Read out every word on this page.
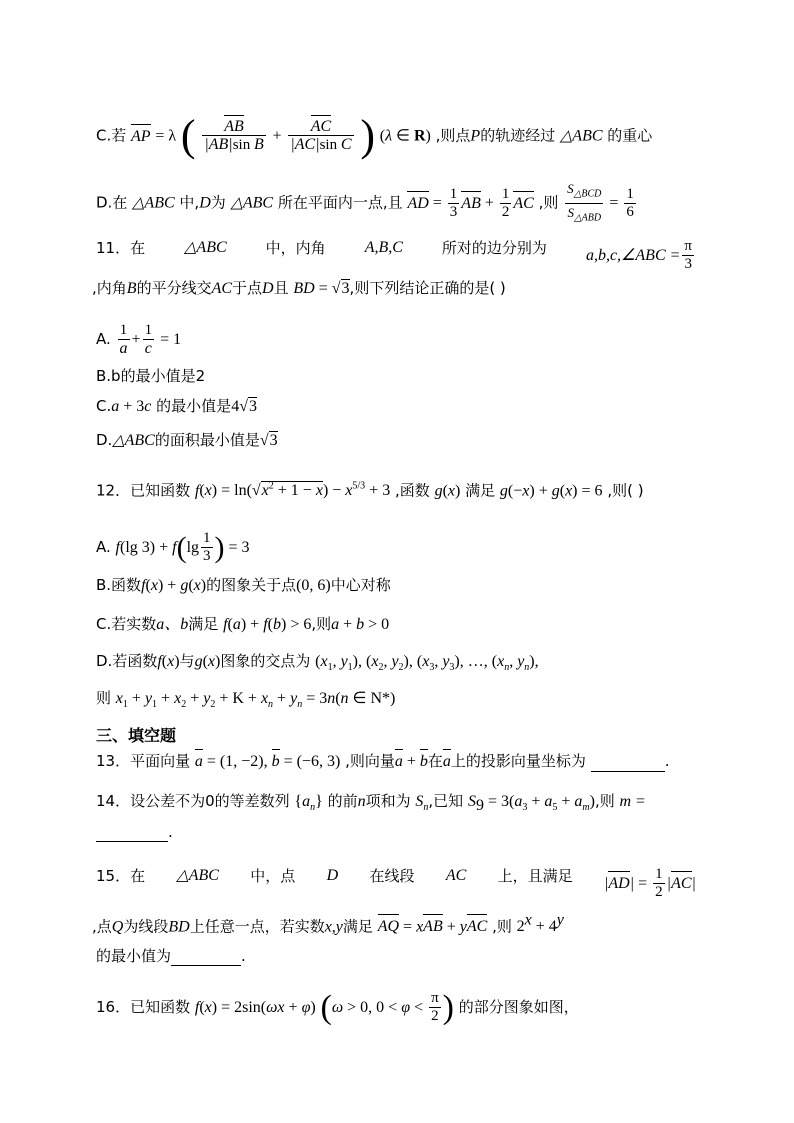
C.若 AP = λ ( $\frac{AB}{\text{|AB|sin B}} + \frac{AC}{\text{|AC|sin C}}$ ) (λ ∈ R) ,则点P的轨迹经过 △ABC 的重心
D.在 △ABC 中,D为 △ABC 所在平面内一点,且 AD = $\frac{1}{3}$ AB + $\frac{1}{2}$ AC ,则 $\frac{S_{\triangle BCD}}{S_{\triangle ABD}} = \frac{1}{6}$
11．在 △ABC	中，内角 A,B,C	所对的边分别为 a,b,c,∠ABC = $\frac{\pi}{3}$
,内角B的平分线交AC于点D且 BD = √3,则下列结论正确的是( )
A. $\frac{1}{a} + \frac{1}{c} = 1$
B.b的最小值是2
C.a + 3c 的最小值是4√3
D.△ABC的面积最小值是√3
12．已知函数 $f(x) = \ln(√x^2 + 1 - x) - x^{5/3} + 3$ ,函数 g(x) 满足 g(−x) + g(x) = 6 ,则( )
A. f(lg $3) + f(\lg \frac{1}{3}$ ) = 3
B.函数f(x) + g(x)的图象关于点(0, 6)中心对称
C.若实数a、b满足 f(a) + f(b) > 6,则a + b > 0
D.若函数f(x)与g(x)图象的交点为 ($x_1$, $y_1$), ($x_2$, $y_2$), ($x_3$, $y_3$), …, ($x_n$, $y_n$),
则 $x_1 + y_1 + x_2 + y_2 + K + x_n + y_n = 3n(n$ ∈ N*)
三、填空题
13．平面向量 a = (1, −2), b = (−6, 3) ,则向量a + b在a上的投影向量坐标为	.
14．设公差不为0的等差数列 $\{a_n\}$ 的前n项和为 $S_n$,已知 $S_9 = 3(a_3 + a_5 + a_m)$,则 m =
.
15．在 △ABC 中，点 D 在线段 AC 上，且满足 $|AD| = \frac{1}{2} |AC|$
,点Q为线段BD上任意一点，若实数x,y满足 AQ = xAB + yAC ,则 $2^x + 4^y$
的最小值为	.
16．已知函数 f(x) = 2sin(ωx + φ) (ω > 0, $0 < \varphi < \frac{\pi}{2}$ ) 的部分图象如图，
